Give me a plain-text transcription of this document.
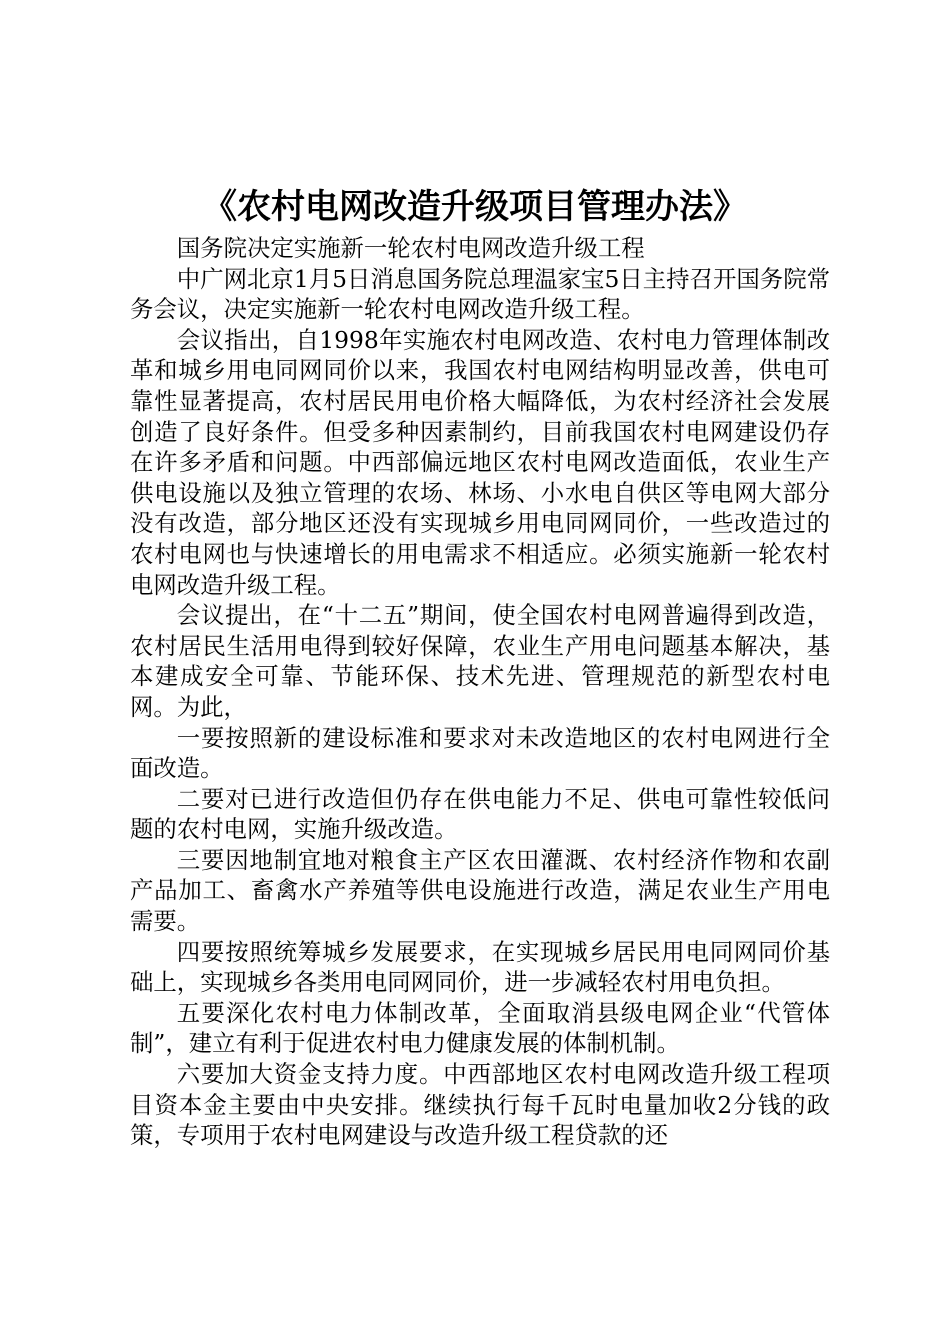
《农村电网改造升级项目管理办法》

国务院决定实施新一轮农村电网改造升级工程

中广网北京1月5日消息国务院总理温家宝5日主持召开国务院常务会议，决定实施新一轮农村电网改造升级工程。

会议指出，自1998年实施农村电网改造、农村电力管理体制改革和城乡用电同网同价以来，我国农村电网结构明显改善，供电可靠性显著提高，农村居民用电价格大幅降低，为农村经济社会发展创造了良好条件。但受多种因素制约，目前我国农村电网建设仍存在许多矛盾和问题。中西部偏远地区农村电网改造面低，农业生产供电设施以及独立管理的农场、林场、小水电自供区等电网大部分没有改造，部分地区还没有实现城乡用电同网同价，一些改造过的农村电网也与快速增长的用电需求不相适应。必须实施新一轮农村电网改造升级工程。

会议提出，在“十二五”期间，使全国农村电网普遍得到改造，农村居民生活用电得到较好保障，农业生产用电问题基本解决，基本建成安全可靠、节能环保、技术先进、管理规范的新型农村电网。为此，

一要按照新的建设标准和要求对未改造地区的农村电网进行全面改造。

二要对已进行改造但仍存在供电能力不足、供电可靠性较低问题的农村电网，实施升级改造。

三要因地制宜地对粮食主产区农田灌溉、农村经济作物和农副产品加工、畜禽水产养殖等供电设施进行改造，满足农业生产用电需要。

四要按照统筹城乡发展要求，在实现城乡居民用电同网同价基础上，实现城乡各类用电同网同价，进一步减轻农村用电负担。

五要深化农村电力体制改革，全面取消县级电网企业“代管体制”，建立有利于促进农村电力健康发展的体制机制。

六要加大资金支持力度。中西部地区农村电网改造升级工程项目资本金主要由中央安排。继续执行每千瓦时电量加收2分钱的政策，专项用于农村电网建设与改造升级工程贷款的还
